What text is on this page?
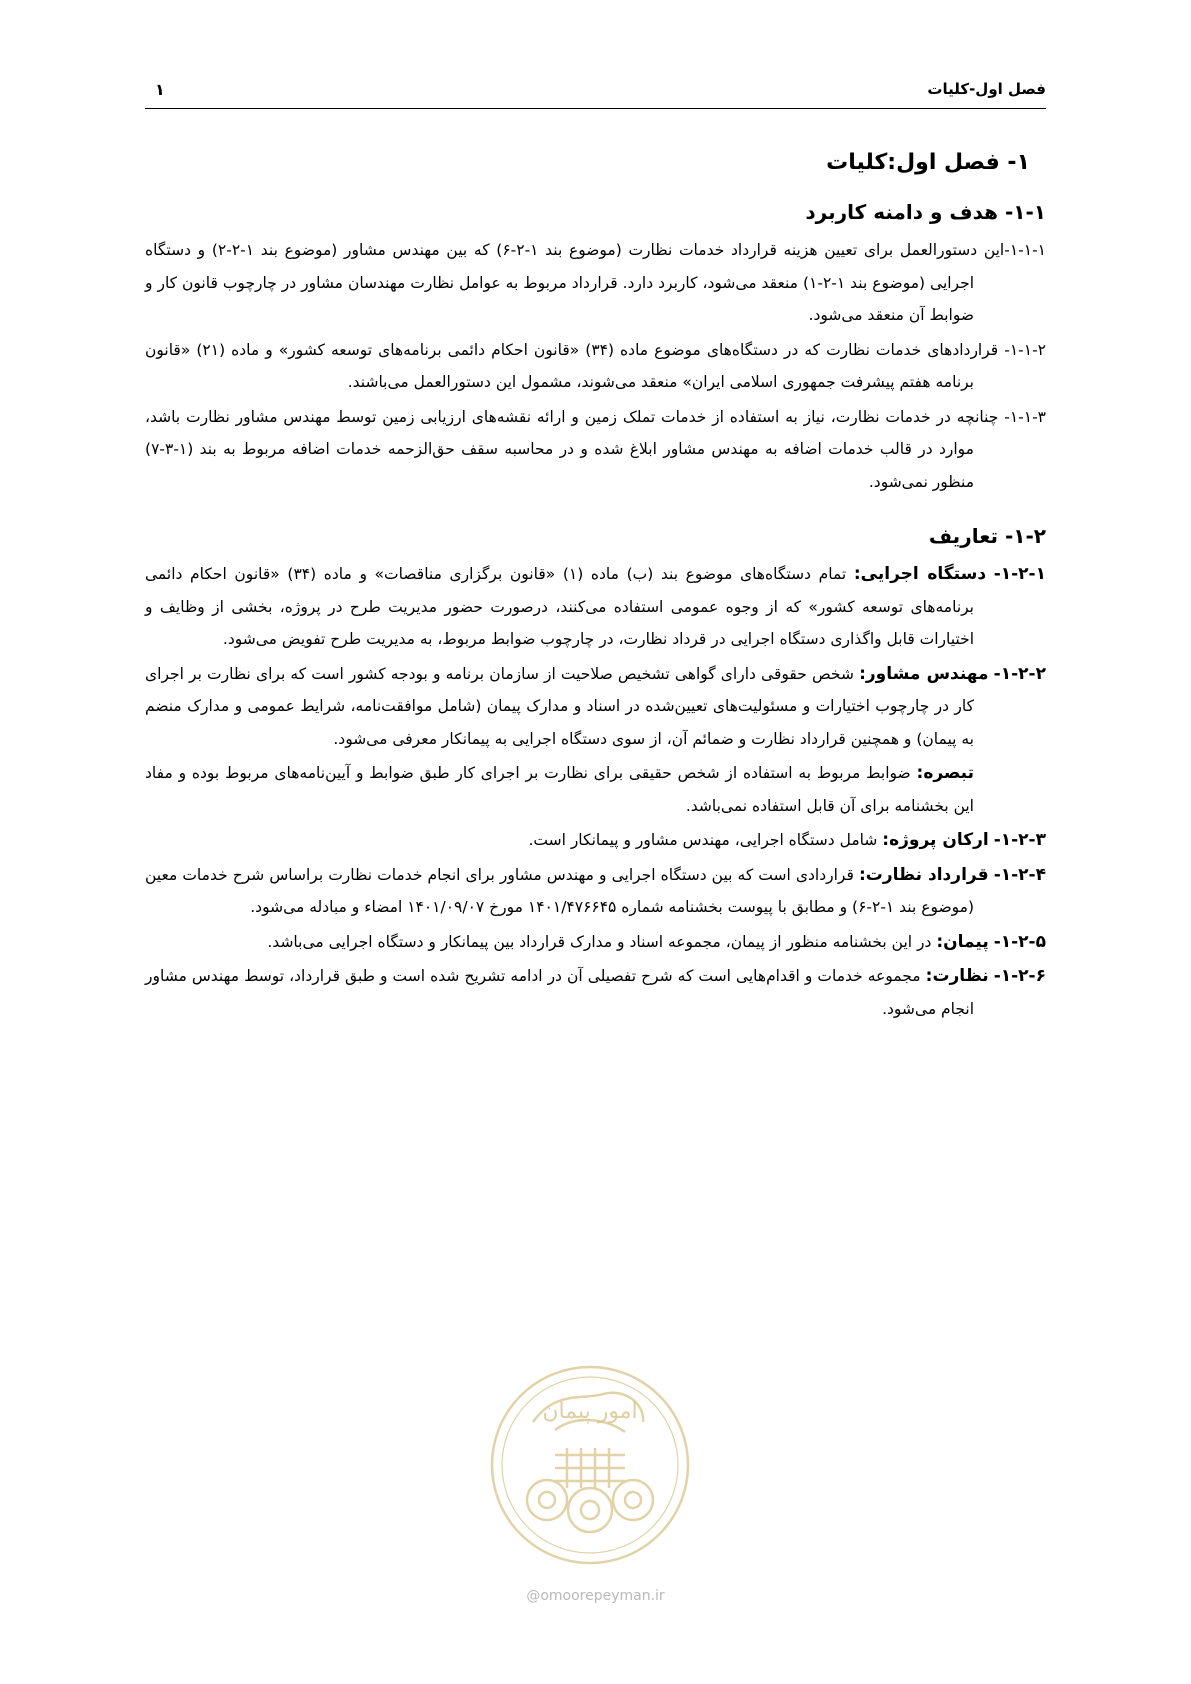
فصل اول-کلیات
۱
۱- فصل اول:کلیات
۱-۱- هدف و دامنه کاربرد

۱-۱-۱-این دستورالعمل برای تعیین هزینه قرارداد خدمات نظارت (موضوع بند ۱-۲-۶) که بین مهندس مشاور (موضوع بند ۱-۲-۲) و دستگاه اجرایی (موضوع بند ۱-۲-۱) منعقد می‌شود، کاربرد دارد. قرارداد مربوط به عوامل نظارت مهندسان مشاور در چارچوب قانون کار و ضوابط آن منعقد می‌شود.

۱-۱-۲- قراردادهای خدمات نظارت که در دستگاه‌های موضوع ماده (۳۴) «قانون احکام دائمی برنامه‌های توسعه کشور» و ماده (۲۱) «قانون برنامه هفتم پیشرفت جمهوری اسلامی ایران» منعقد می‌شوند، مشمول این دستورالعمل می‌باشند.

۱-۱-۳- چنانچه در خدمات نظارت، نیاز به استفاده از خدمات تملک زمین و ارائه نقشه‌های ارزیابی زمین توسط مهندس مشاور نظارت باشد، موارد در قالب خدمات اضافه به مهندس مشاور ابلاغ شده و در محاسبه سقف حق‌الزحمه خدمات اضافه مربوط به بند (۱-۳-۷) منظور نمی‌شود.

۱-۲- تعاریف

۱-۲-۱- دستگاه اجرایی: تمام دستگاه‌های موضوع بند (ب) ماده (۱) «قانون برگزاری مناقصات» و ماده (۳۴) «قانون احکام دائمی برنامه‌های توسعه کشور» که از وجوه عمومی استفاده می‌کنند، درصورت حضور مدیریت طرح در پروژه، بخشی از وظایف و اختیارات قابل واگذاری دستگاه اجرایی در قرداد نظارت، در چارچوب ضوابط مربوط، به مدیریت طرح تفویض می‌شود.

۱-۲-۲- مهندس مشاور: شخص حقوقی دارای گواهی تشخیص صلاحیت از سازمان برنامه و بودجه کشور است که برای نظارت بر اجرای کار در چارچوب اختیارات و مسئولیت‌های تعیین‌شده در اسناد و مدارک پیمان (شامل موافقت‌نامه، شرایط عمومی و مدارک منضم به پیمان) و همچنین قرارداد نظارت و ضمائم آن، از سوی دستگاه اجرایی به پیمانکار معرفی می‌شود.

تبصره: ضوابط مربوط به استفاده از شخص حقیقی برای نظارت بر اجرای کار طبق ضوابط و آیین‌نامه‌های مربوط بوده و مفاد این بخشنامه برای آن قابل استفاده نمی‌باشد.

۱-۲-۳- ارکان پروژه: شامل دستگاه اجرایی، مهندس مشاور و پیمانکار است.

۱-۲-۴- قرارداد نظارت: قراردادی است که بین دستگاه اجرایی و مهندس مشاور برای انجام خدمات نظارت براساس شرح خدمات معین (موضوع بند ۱-۲-۶) و مطابق با پیوست بخشنامه شماره ۱۴۰۱/۴۷۶۶۴۵ مورخ ۱۴۰۱/۰۹/۰۷ امضاء و مبادله می‌شود.

۱-۲-۵- پیمان: در این بخشنامه منظور از پیمان، مجموعه اسناد و مدارک قرارداد بین پیمانکار و دستگاه اجرایی می‌باشد.

۱-۲-۶- نظارت: مجموعه خدمات و اقدام‌هایی است که شرح تفصیلی آن در ادامه تشریح شده است و طبق قرارداد، توسط مهندس مشاور انجام می‌شود.

امور پیمان
@omoorepeyman.ir
